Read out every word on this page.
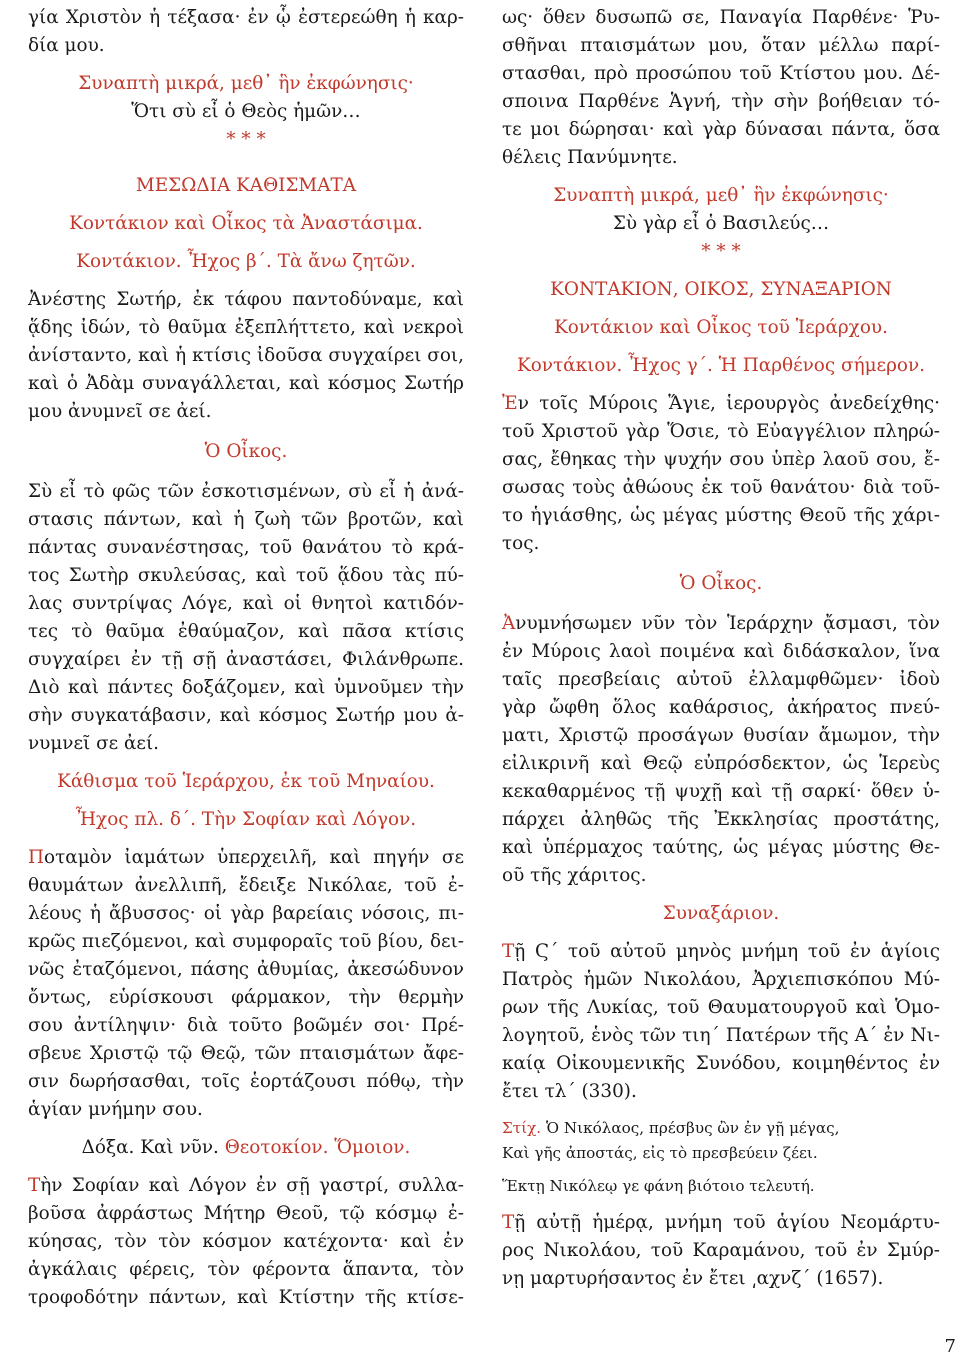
γία Χριστὸν ἡ τέξασα· ἐν ᾧ ἐστερεώθη ἡ καρ-
δία μου.
Συναπτὴ μικρά, μεθ᾽ ἣν ἐκφώνησις·
Ὅτι σὺ εἶ ὁ Θεὸς ἡμῶν…
* * *
ΜΕΣΩΔΙΑ ΚΑΘΙΣΜΑΤΑ
Κοντάκιον καὶ Οἶκος τὰ Ἀναστάσιμα.
Κοντάκιον. Ἦχος β΄. Τὰ ἄνω ζητῶν.
Ἀνέστης Σωτήρ, ἐκ τάφου παντοδύναμε, καὶ
ᾅδης ἰδών, τὸ θαῦμα ἐξεπλήττετο, καὶ νεκροὶ
ἀνίσταντο, καὶ ἡ κτίσις ἰδοῦσα συγχαίρει σοι,
καὶ ὁ Ἀδὰμ συναγάλλεται, καὶ κόσμος Σωτήρ
μου ἀνυμνεῖ σε ἀεί.
Ὁ Οἶκος.
Σὺ εἶ τὸ φῶς τῶν ἐσκοτισμένων, σὺ εἶ ἡ ἀνά-
στασις πάντων, καὶ ἡ ζωὴ τῶν βροτῶν, καὶ
πάντας συνανέστησας, τοῦ θανάτου τὸ κρά-
τος Σωτὴρ σκυλεύσας, καὶ τοῦ ᾅδου τὰς πύ-
λας συντρίψας Λόγε, καὶ οἱ θνητοὶ κατιδόν-
τες τὸ θαῦμα ἐθαύμαζον, καὶ πᾶσα κτίσις
συγχαίρει ἐν τῇ σῇ ἀναστάσει, Φιλάνθρωπε.
Διὸ καὶ πάντες δοξάζομεν, καὶ ὑμνοῦμεν τὴν
σὴν συγκατάβασιν, καὶ κόσμος Σωτήρ μου ἀ-
νυμνεῖ σε ἀεί.
Κάθισμα τοῦ Ἱεράρχου, ἐκ τοῦ Μηναίου.
Ἦχος πλ. δ΄. Τὴν Σοφίαν καὶ Λόγον.
Ποταμὸν ἰαμάτων ὑπερχειλῆ, καὶ πηγήν σε
θαυμάτων ἀνελλιπῆ, ἔδειξε Νικόλαε, τοῦ ἐ-
λέους ἡ ἄβυσσος· οἱ γὰρ βαρείαις νόσοις, πι-
κρῶς πιεζόμενοι, καὶ συμφοραῖς τοῦ βίου, δει-
νῶς ἐταζόμενοι, πάσης ἀθυμίας, ἀκεσώδυνον
ὄντως, εὑρίσκουσι φάρμακον, τὴν θερμὴν
σου ἀντίληψιν· διὰ τοῦτο βοῶμέν σοι· Πρέ-
σβευε Χριστῷ τῷ Θεῷ, τῶν πταισμάτων ἄφε-
σιν δωρήσασθαι, τοῖς ἑορτάζουσι πόθῳ, τὴν
ἁγίαν μνήμην σου.
Δόξα. Καὶ νῦν. Θεοτοκίον. Ὅμοιον.
Τὴν Σοφίαν καὶ Λόγον ἐν σῇ γαστρί, συλλα-
βοῦσα ἀφράστως Μήτηρ Θεοῦ, τῷ κόσμῳ ἐ-
κύησας, τὸν τὸν κόσμον κατέχοντα· καὶ ἐν
ἀγκάλαις φέρεις, τὸν φέροντα ἅπαντα, τὸν
τροφοδότην πάντων, καὶ Κτίστην τῆς κτίσε-
ως· ὅθεν δυσωπῶ σε, Παναγία Παρθένε· Ῥυ-
σθῆναι πταισμάτων μου, ὅταν μέλλω παρί-
στασθαι, πρὸ προσώπου τοῦ Κτίστου μου. Δέ-
σποινα Παρθένε Ἁγνή, τὴν σὴν βοήθειαν τό-
τε μοι δώρησαι· καὶ γὰρ δύνασαι πάντα, ὅσα
θέλεις Πανύμνητε.
Συναπτὴ μικρά, μεθ᾽ ἣν ἐκφώνησις·
Σὺ γὰρ εἶ ὁ Βασιλεύς…
* * *
ΚΟΝΤΑΚΙΟΝ, ΟΙΚΟΣ, ΣΥΝΑΞΑΡΙΟΝ
Κοντάκιον καὶ Οἶκος τοῦ Ἱεράρχου.
Κοντάκιον. Ἦχος γ΄. Ἡ Παρθένος σήμερον.
Ἐν τοῖς Μύροις Ἅγιε, ἱερουργὸς ἀνεδείχθης·
τοῦ Χριστοῦ γὰρ Ὅσιε, τὸ Εὐαγγέλιον πληρώ-
σας, ἔθηκας τὴν ψυχήν σου ὑπὲρ λαοῦ σου, ἔ-
σωσας τοὺς ἀθώους ἐκ τοῦ θανάτου· διὰ τοῦ-
το ἡγιάσθης, ὡς μέγας μύστης Θεοῦ τῆς χάρι-
τος.
Ὁ Οἶκος.
Ἀνυμνήσωμεν νῦν τὸν Ἱεράρχην ᾄσμασι, τὸν
ἐν Μύροις λαοὶ ποιμένα καὶ διδάσκαλον, ἵνα
ταῖς πρεσβείαις αὐτοῦ ἐλλαμφθῶμεν· ἰδοὺ
γὰρ ὤφθη ὅλος καθάρσιος, ἀκήρατος πνεύ-
ματι, Χριστῷ προσάγων θυσίαν ἄμωμον, τὴν
εἰλικρινῆ καὶ Θεῷ εὐπρόσδεκτον, ὡς Ἱερεὺς
κεκαθαρμένος τῇ ψυχῇ καὶ τῇ σαρκί· ὅθεν ὑ-
πάρχει ἀληθῶς τῆς Ἐκκλησίας προστάτης,
καὶ ὑπέρμαχος ταύτης, ὡς μέγας μύστης Θε-
οῦ τῆς χάριτος.
Συναξάριον.
Τῇ Ϛ΄ τοῦ αὐτοῦ μηνὸς μνήμη τοῦ ἐν ἁγίοις
Πατρὸς ἡμῶν Νικολάου, Ἀρχιεπισκόπου Μύ-
ρων τῆς Λυκίας, τοῦ Θαυματουργοῦ καὶ Ὁμο-
λογητοῦ, ἑνὸς τῶν τιη΄ Πατέρων τῆς Α΄ ἐν Νι-
καίᾳ Οἰκουμενικῆς Συνόδου, κοιμηθέντος ἐν
ἔτει τλ΄ (330).
Στίχ. Ὁ Νικόλαος, πρέσβυς ὢν ἐν γῇ μέγας,
Καὶ γῆς ἀποστάς, εἰς τὸ πρεσβεύειν ζέει.
Ἕκτῃ Νικόλεῳ γε φάνη βιότοιο τελευτή.
Τῇ αὐτῇ ἡμέρᾳ, μνήμη τοῦ ἁγίου Νεομάρτυ-
ρος Νικολάου, τοῦ Καραμάνου, τοῦ ἐν Σμύρ-
νῃ μαρτυρήσαντος ἐν ἔτει ͵αχνζ΄ (1657).
7
